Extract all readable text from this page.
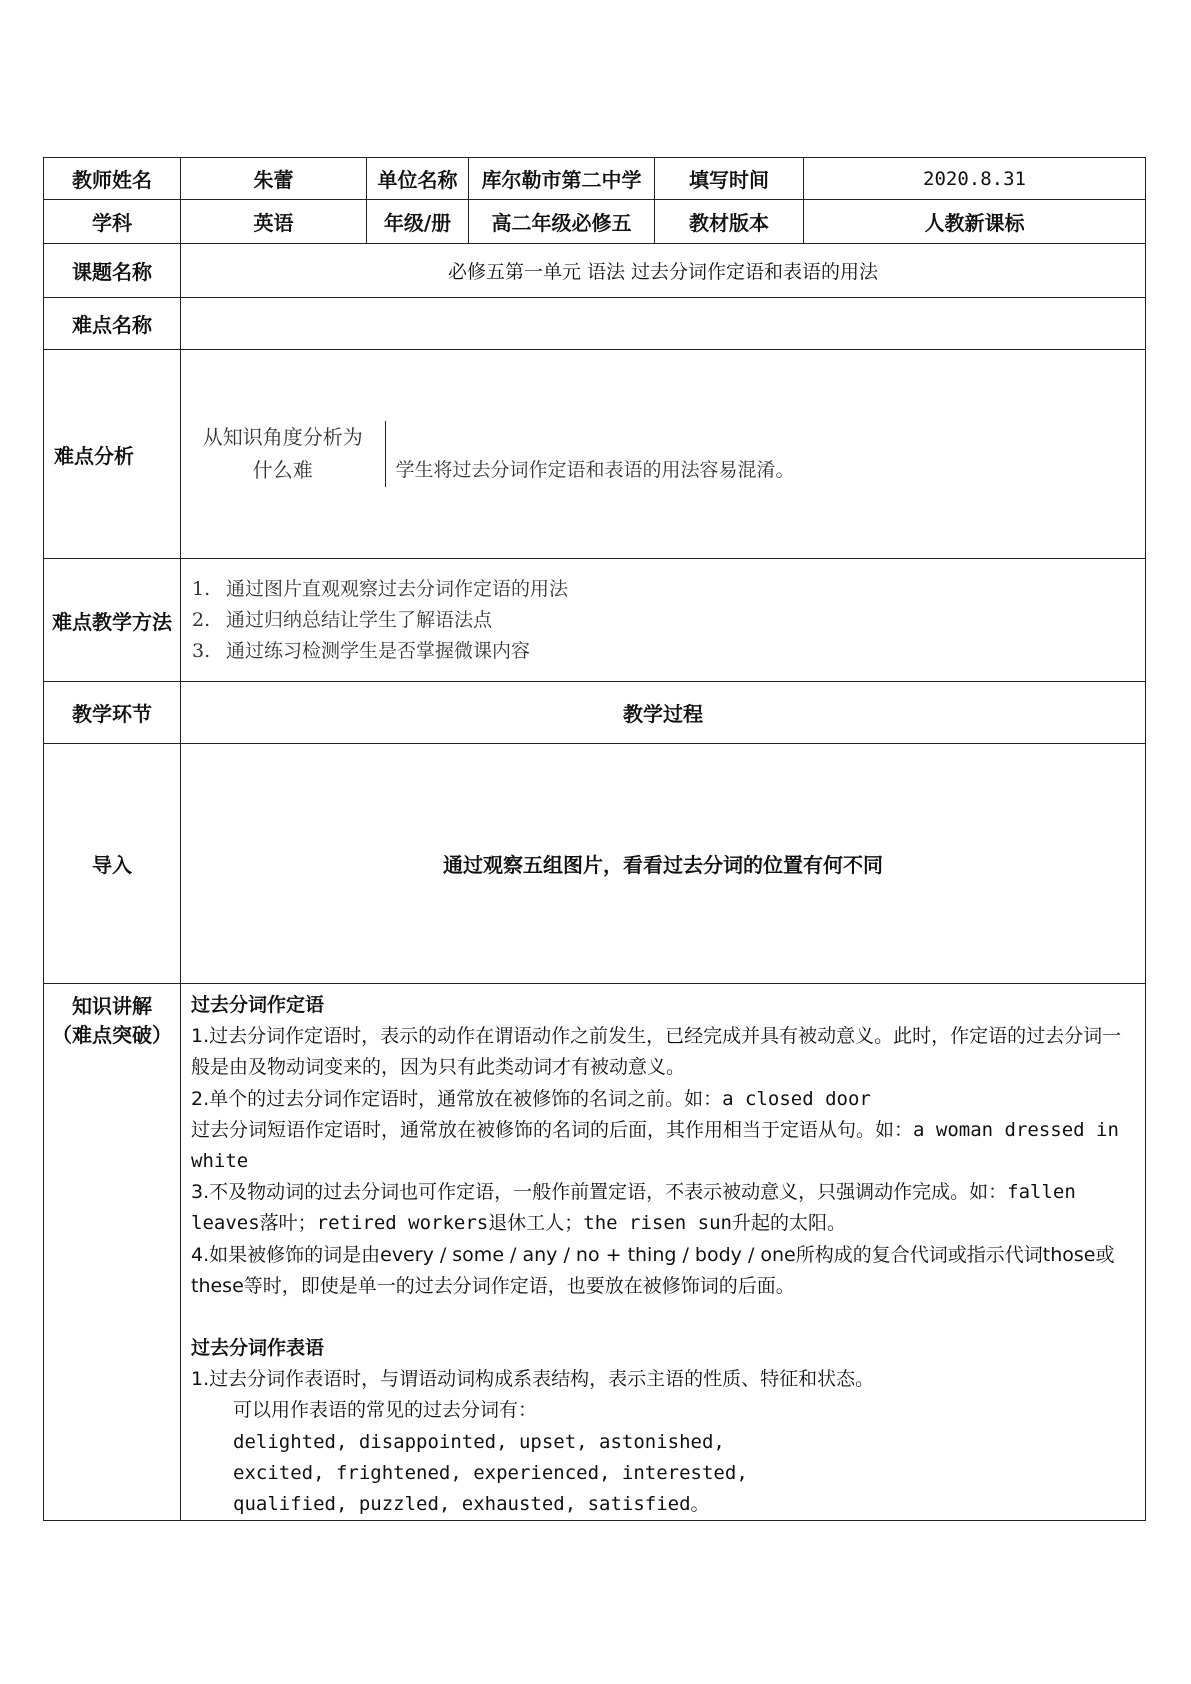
教师姓名	朱蕾	单位名称	库尔勒市第二中学	填写时间	2020.8.31
学科	英语	年级/册	高二年级必修五	教材版本	人教新课标
课题名称	必修五第一单元 语法 过去分词作定语和表语的用法
难点名称	
难点分析	
从知识角度分析为什么难	学生将过去分词作定语和表语的用法容易混淆。

难点教学方法	
1. 通过图片直观观察过去分词作定语的用法
2. 通过归纳总结让学生了解语法点
3. 通过练习检测学生是否掌握微课内容

教学环节	教学过程
导入	通过观察五组图片，看看过去分词的位置有何不同

知识讲解
（难点突破）

过去分词作定语

1.过去分词作定语时，表示的动作在谓语动作之前发生，已经完成并具有被动意义。此时，作定语的过去分词一般是由及物动词变来的，因为只有此类动词才有被动意义。

2.单个的过去分词作定语时，通常放在被修饰的名词之前。如：a closed door

过去分词短语作定语时，通常放在被修饰的名词的后面，其作用相当于定语从句。如：a woman dressed in white

3.不及物动词的过去分词也可作定语，一般作前置定语，不表示被动意义，只强调动作完成。如：fallen leaves落叶；retired workers退休工人；the risen sun升起的太阳。

4.如果被修饰的词是由every / some / any / no + thing / body / one所构成的复合代词或指示代词those或these等时，即使是单一的过去分词作定语，也要放在被修饰词的后面。

过去分词作表语

1.过去分词作表语时，与谓语动词构成系表结构，表示主语的性质、特征和状态。

可以用作表语的常见的过去分词有：

delighted, disappointed, upset, astonished,

excited, frightened, experienced, interested,

qualified, puzzled, exhausted, satisfied。
